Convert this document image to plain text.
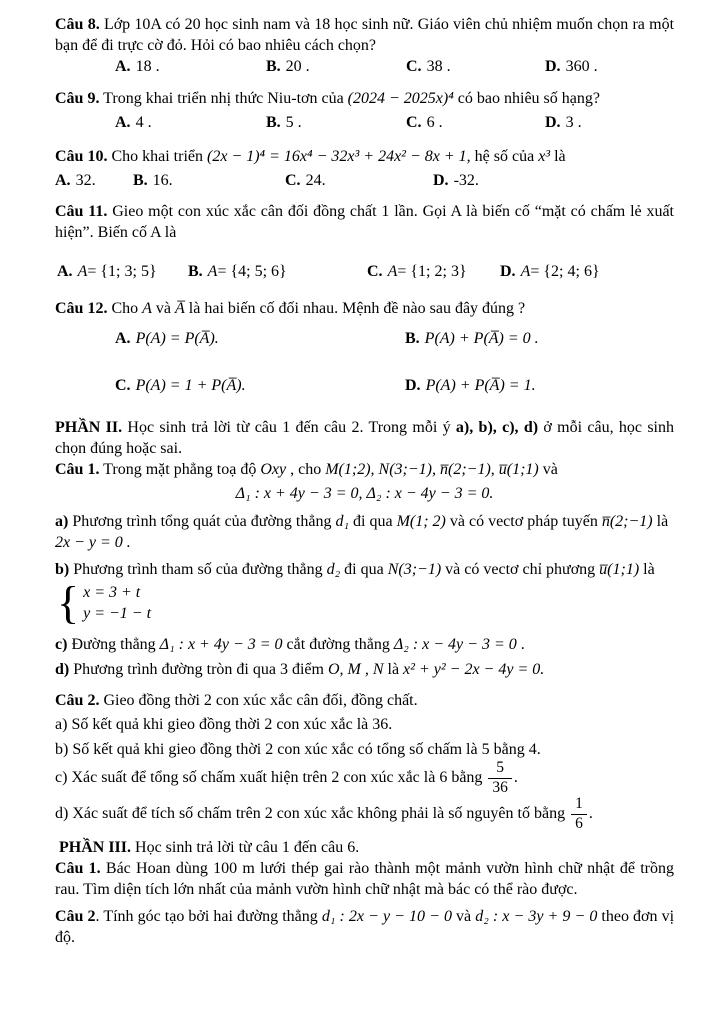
Câu 8. Lớp 10A có 20 học sinh nam và 18 học sinh nữ. Giáo viên chủ nhiệm muốn chọn ra một bạn để đi trực cờ đỏ. Hỏi có bao nhiêu cách chọn?
A. 18 .	B. 20 .	C. 38 .	D. 360 .
Câu 9. Trong khai triển nhị thức Niu-tơn của (2024 − 2025x)⁴ có bao nhiêu số hạng?
A. 4 .	B. 5 .	C. 6 .	D. 3 .
Câu 10. Cho khai triển (2x − 1)⁴ = 16x⁴ − 32x³ + 24x² − 8x + 1, hệ số của x³ là
A. 32. B. 16.	C. 24.	D. -32.
Câu 11. Gieo một con xúc xắc cân đối đồng chất 1 lần. Gọi A là biến cố “mặt có chấm lẻ xuất hiện”. Biến cố A là
A. A = {1; 3; 5} B. A = {4; 5; 6}	C. A = {1; 2; 3} D. A = {2; 4; 6}
Câu 12. Cho A và A̅ là hai biến cố đối nhau. Mệnh đề nào sau đây đúng ?
A. P(A) = P(A̅).	B. P(A) + P(A̅) = 0 .
C. P(A) = 1 + P(A̅).	D. P(A) + P(A̅) = 1.
PHẦN II. Học sinh trả lời từ câu 1 đến câu 2. Trong mỗi ý a), b), c), d) ở mỗi câu, học sinh chọn đúng hoặc sai.
Câu 1. Trong mặt phẳng toạ độ Oxy , cho M(1;2), N(3;−1), n̅(2;−1), u̅(1;1) và
Δ₁ : x + 4y − 3 = 0, Δ₂ : x − 4y − 3 = 0.
a) Phương trình tổng quát của đường thẳng d₁ đi qua M(1; 2) và có vectơ pháp tuyến n̅(2;−1) là
2x − y = 0 .
b) Phương trình tham số của đường thẳng d₂ đi qua N(3;−1) và có vectơ chỉ phương u̅(1;1) là
{ x = 3 + t
y = −1 − t
c) Đường thẳng Δ₁ : x + 4y − 3 = 0 cắt đường thẳng Δ₂ : x − 4y − 3 = 0 .
d) Phương trình đường tròn đi qua 3 điểm O, M , N là x² + y² − 2x − 4y = 0.
Câu 2. Gieo đồng thời 2 con xúc xắc cân đối, đồng chất.
a) Số kết quả khi gieo đồng thời 2 con xúc xắc là 36.
b) Số kết quả khi gieo đồng thời 2 con xúc xắc có tổng số chấm là 5 bằng 4.
c) Xác suất để tổng số chấm xuất hiện trên 2 con xúc xắc là 6 bằng $\frac{5}{36}$ .
d) Xác suất để tích số chấm trên 2 con xúc xắc không phải là số nguyên tố bằng $\frac{1}{6}$ .
PHẦN III. Học sinh trả lời từ câu 1 đến câu 6.
Câu 1. Bác Hoan dùng 100 m lưới thép gai rào thành một mảnh vườn hình chữ nhật để trồng rau. Tìm diện tích lớn nhất của mảnh vườn hình chữ nhật mà bác có thể rào được.
Câu 2. Tính góc tạo bởi hai đường thẳng d₁ : 2x − y − 10 − 0 và d₂ : x − 3y + 9 − 0 theo đơn vị độ.
